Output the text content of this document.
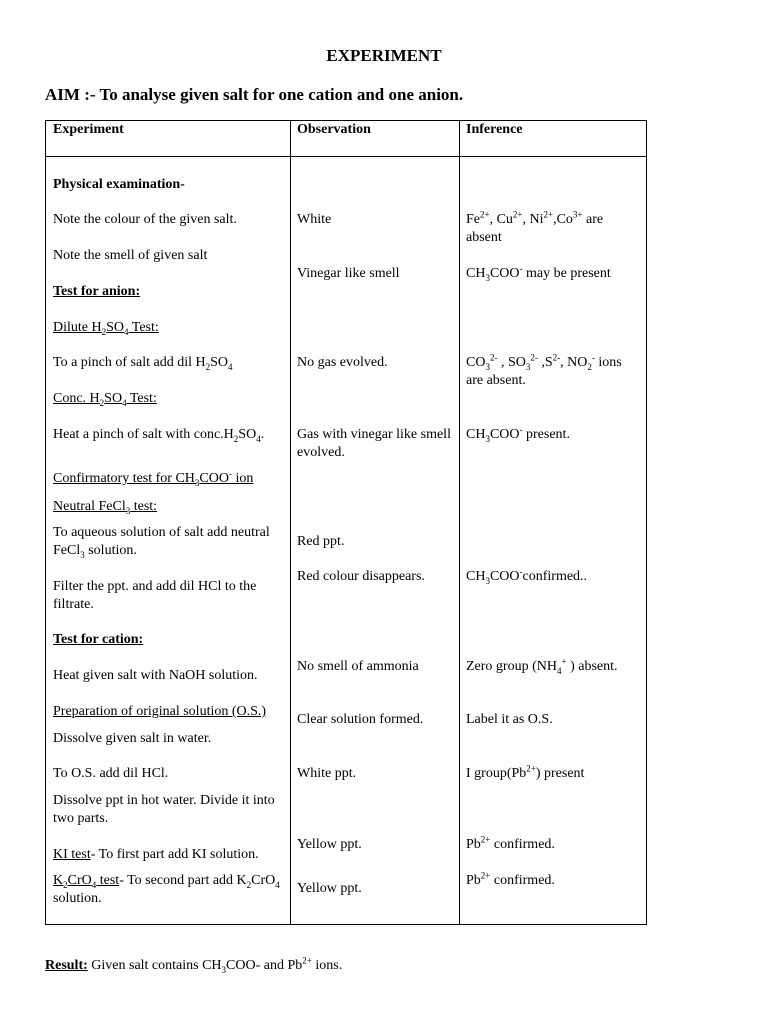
EXPERIMENT
AIM :- To analyse given salt for one cation and one anion.
Experiment	Observation	Inference
Physical examination-
Note the colour of the given salt.
Note the smell of given salt
Test for anion:
Dilute $H_2SO_4$ Test:
To a pinch of salt add dil $H_2SO_4$
Conc. $H_2SO_4$ Test:
Heat a pinch of salt with $conc.H_2SO_4$.
Confirmatory test for $CH_3COO^-$ ion
Neutral FeCl$_3$ test:
To aqueous solution of salt add neutral FeCl$_3$ solution.
Filter the ppt. and add dil HCl to the filtrate.
Test for cation:
Heat given salt with NaOH solution.
Preparation of original solution (O.S.)
Dissolve given salt in water.
To O.S. add dil HCl.
Dissolve ppt in hot water. Divide it into two parts.
KI test- To first part add KI solution.
$K_2CrO_4$ test- To second part add $K_2CrO_4$ solution.
White
Vinegar like smell
No gas evolved.
Gas with vinegar like smell evolved.
Red ppt.
Red colour disappears.
No smell of ammonia
Clear solution formed.
White ppt.
Yellow ppt.
Yellow ppt.
$Fe^{2+}$, $Cu^{2+}$, $Ni^{2+},Co^{3+}$ are absent
$CH_3COO^-$ may be present
$CO_3^{2-}$ , $SO_3^{2-}$ $,S^{2-}$, $NO_2^-$ ions are absent.
$CH_3COO^-$ present.
$CH_3COO^-confirmed$..
Zero group ($NH_4^+$ ) absent.
Label it as O.S.
I $group(Pb^{2+})$ present
$Pb^{2+}$ confirmed.
$Pb^{2+}$ confirmed.
Result: Given salt contains $CH_3COO-$ and $Pb^{2+}$ ions.
